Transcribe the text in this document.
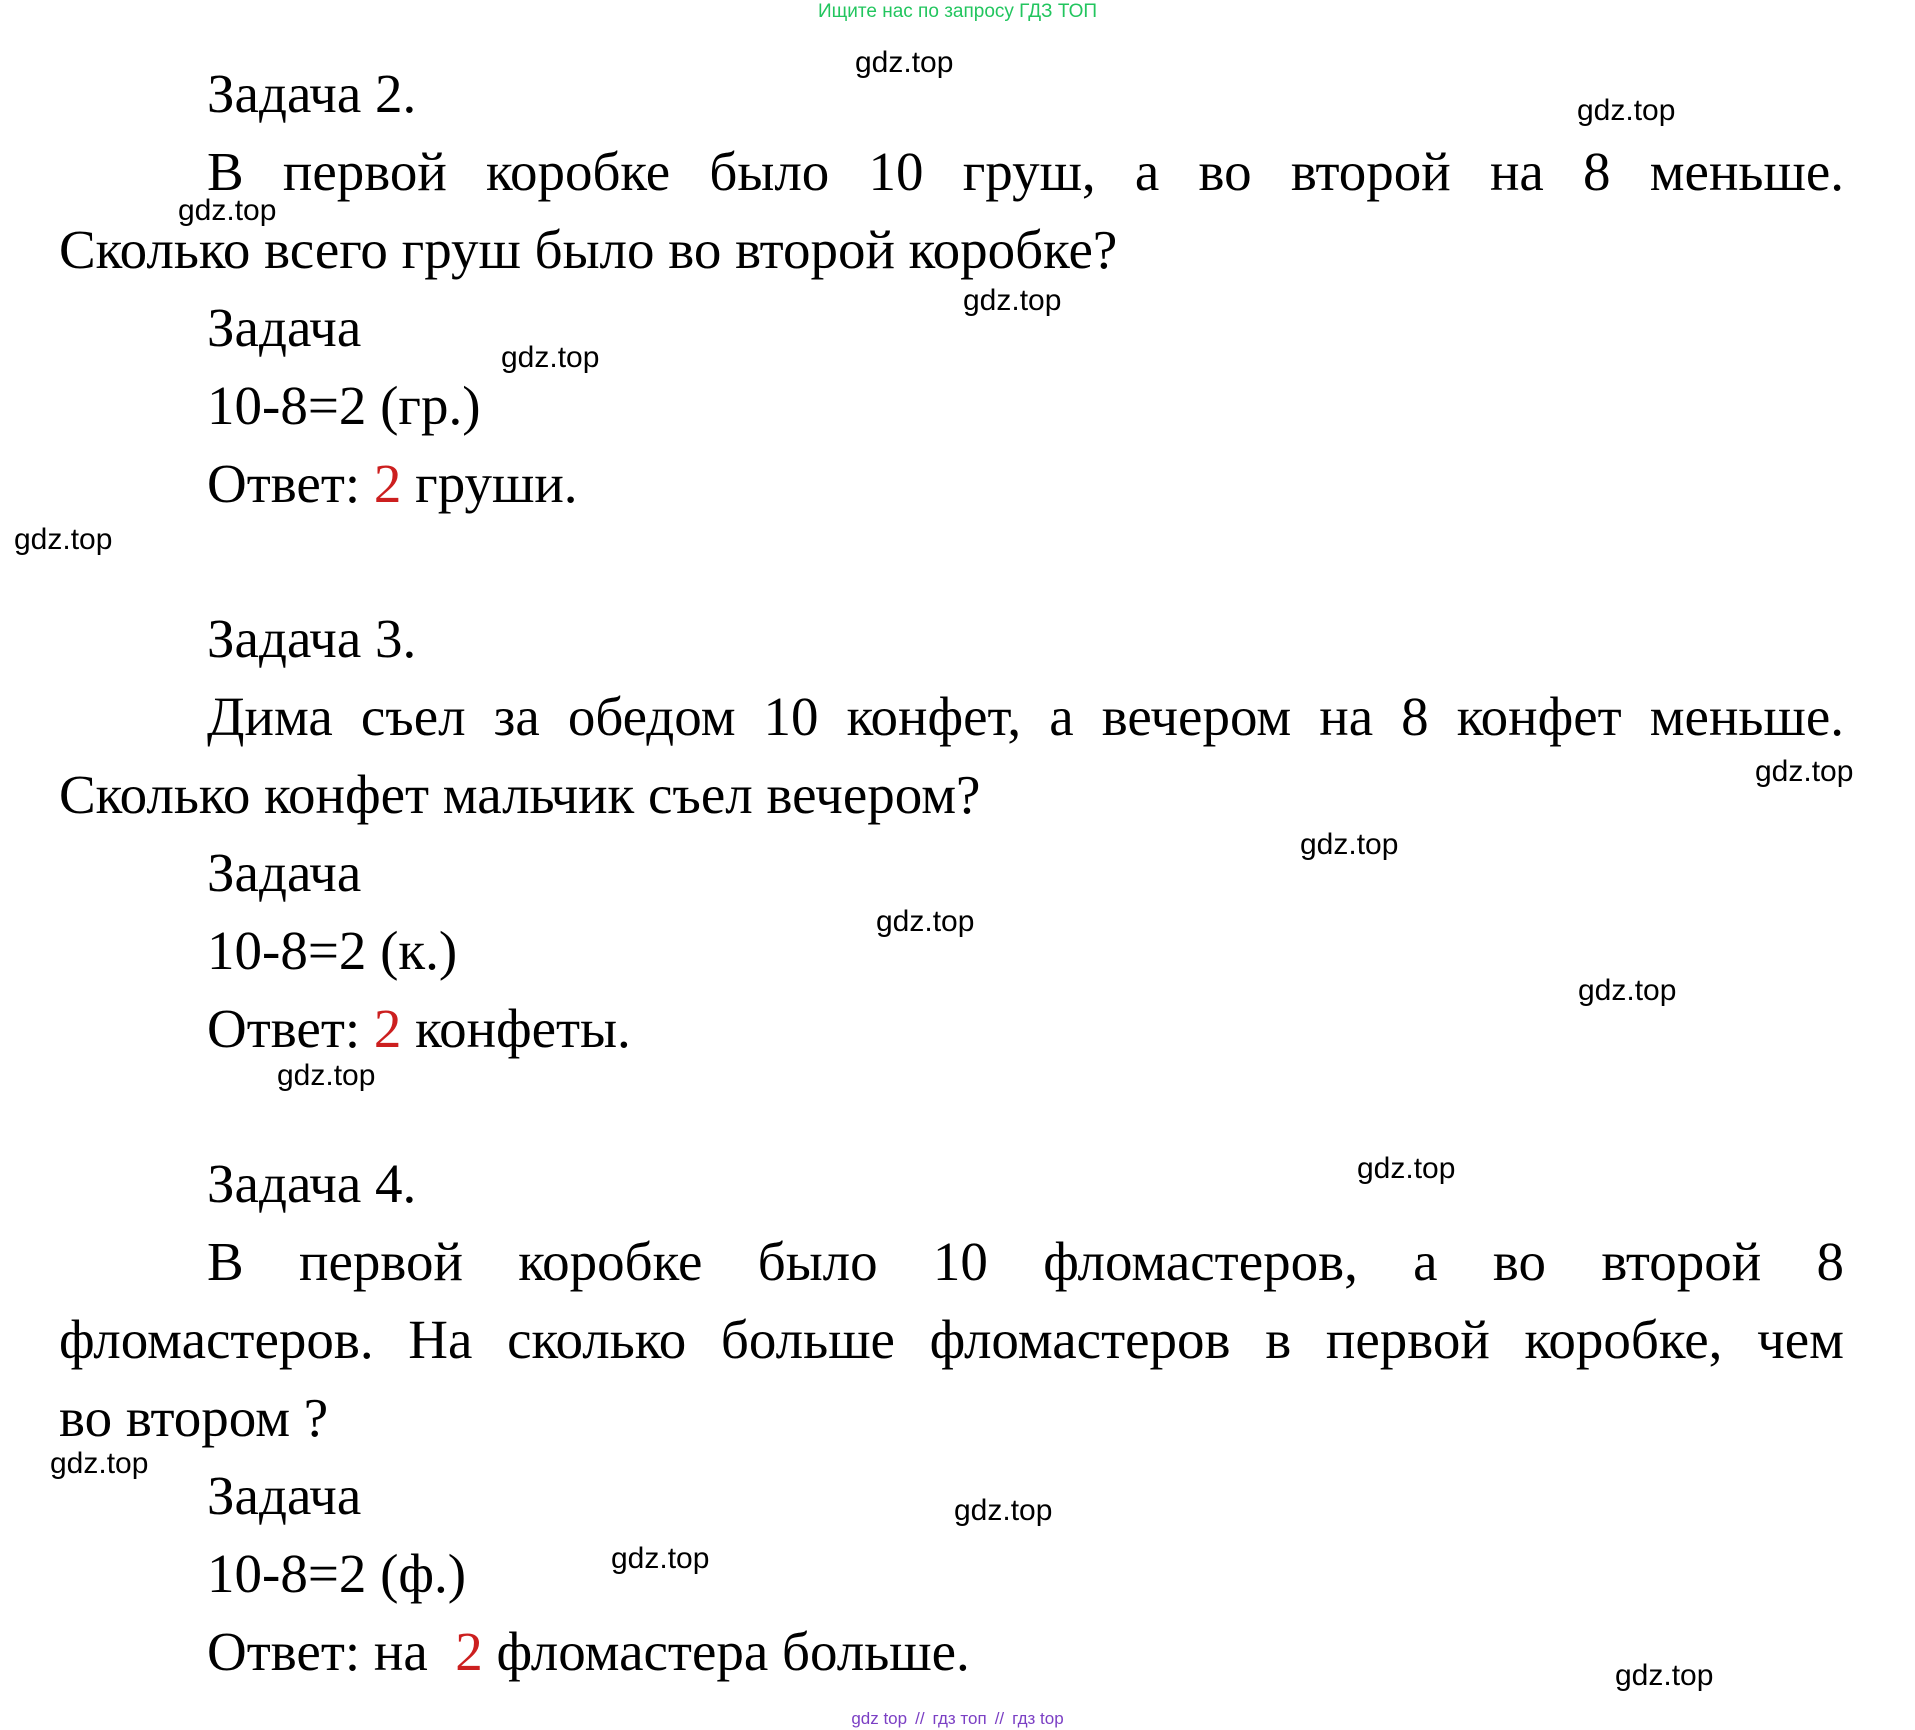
Ищите нас по запросу ГДЗ ТОП
Задача 2.
В первой коробке было 10 груш, а во второй на 8 меньше.
Сколько всего груш было во второй коробке?
Задача
10-8=2 (гр.)
Ответ: 2 груши.
Задача 3.
Дима съел за обедом 10 конфет, а вечером на 8 конфет меньше.
Сколько конфет мальчик съел вечером?
Задача
10-8=2 (к.)
Ответ: 2 конфеты.
Задача 4.
В первой коробке было 10 фломастеров, а во второй 8
фломастеров. На сколько больше фломастеров в первой коробке, чем
во втором ?
Задача
10-8=2 (ф.)
Ответ: на  2 фломастера больше.
gdz.top
gdz.top
gdz.top
gdz.top
gdz.top
gdz.top
gdz.top
gdz.top
gdz.top
gdz.top
gdz.top
gdz.top
gdz.top
gdz.top
gdz.top
gdz.top
gdz top // гдз топ // гдз top
